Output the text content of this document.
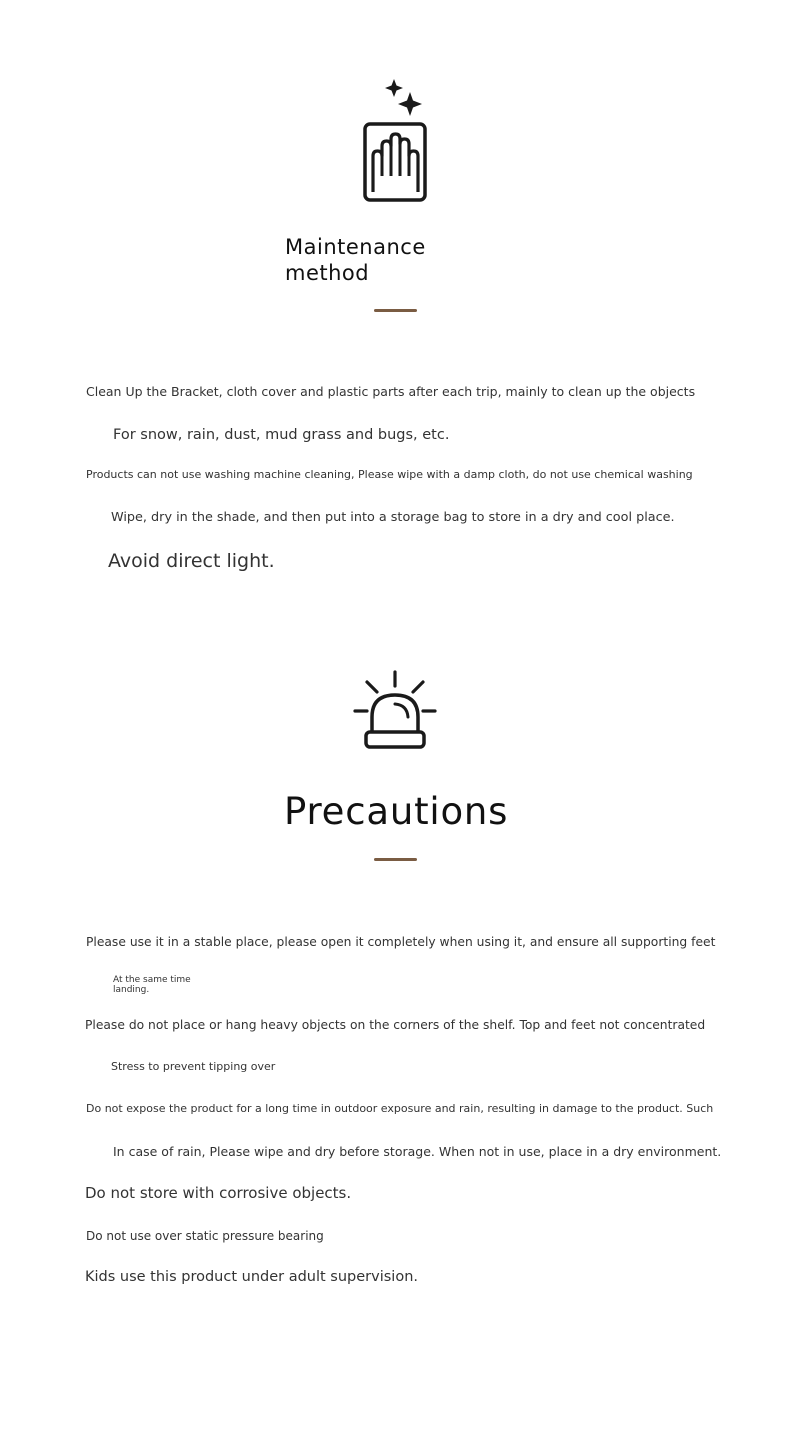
Maintenance method
Clean Up the Bracket, cloth cover and plastic parts after each trip, mainly to clean up the objects
For snow, rain, dust, mud grass and bugs, etc.
Products can not use washing machine cleaning, Please wipe with a damp cloth, do not use chemical washing
Wipe, dry in the shade, and then put into a storage bag to store in a dry and cool place.
Avoid direct light.
Precautions
Please use it in a stable place, please open it completely when using it, and ensure all supporting feet
At the same time landing.
Please do not place or hang heavy objects on the corners of the shelf. Top and feet not concentrated
Stress to prevent tipping over
Do not expose the product for a long time in outdoor exposure and rain, resulting in damage to the product. Such
In case of rain, Please wipe and dry before storage. When not in use, place in a dry environment.
Do not store with corrosive objects.
Do not use over static pressure bearing
Kids use this product under adult supervision.
